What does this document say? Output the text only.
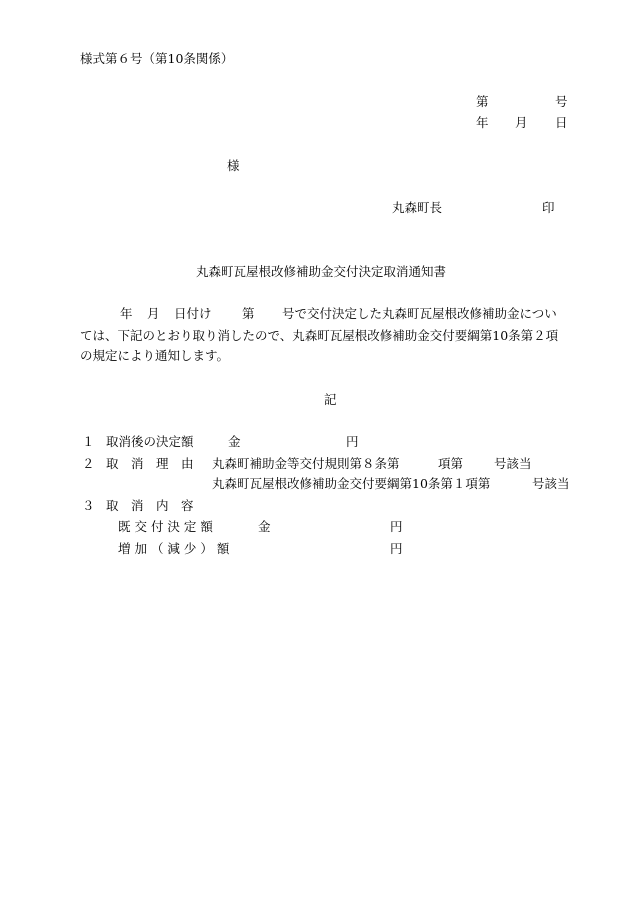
様式第６号（第10条関係）
第	号
年 月 日
様
丸森町長	印
丸森町瓦屋根改修補助金交付決定取消通知書
年 月 日付け 第 号で交付決定した丸森町瓦屋根改修補助金につい
ては、下記のとおり取り消したので、丸森町瓦屋根改修補助金交付要綱第10条第２項
の規定により通知します。
記
１ 取消後の決定額	金	円
２ 取　消　理　由 丸森町補助金等交付規則第８条第	項第 号該当
丸森町瓦屋根改修補助金交付要綱第10条第１項第	号該当
３ 取　消　内　容
既 交 付 決 定 額	金	円
増 加 （ 減 少 ） 額	円
